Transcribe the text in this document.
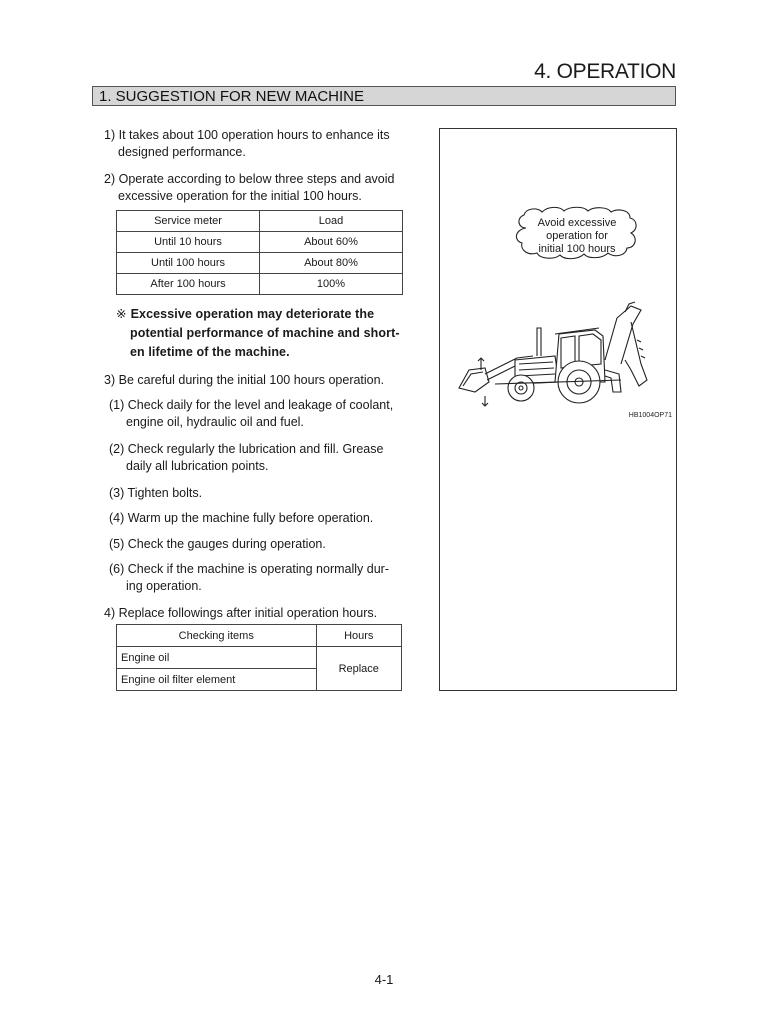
4. OPERATION
1. SUGGESTION FOR NEW MACHINE
1) It takes about 100 operation hours to enhance its
designed performance.
2) Operate according to below three steps and avoid
excessive operation for the initial 100 hours.
Service meter	Load
Until 10 hours	About 60%
Until 100 hours	About 80%
After 100 hours	100%
※ Excessive operation may deteriorate the
potential performance of machine and short-
en lifetime of the machine.
3) Be careful during the initial 100 hours operation.
(1) Check daily for the level and leakage of coolant,
engine oil, hydraulic oil and fuel.
(2) Check regularly the lubrication and fill. Grease
daily all lubrication points.
(3) Tighten bolts.
(4) Warm up the machine fully before operation.
(5) Check the gauges during operation.
(6) Check if the machine is operating normally dur-
ing operation.
4) Replace followings after initial operation hours.
Checking items	Hours
Engine oil	Replace
Engine oil filter element	
Avoid excessive
operation for
initial 100 hours
HB1004OP71
4-1
